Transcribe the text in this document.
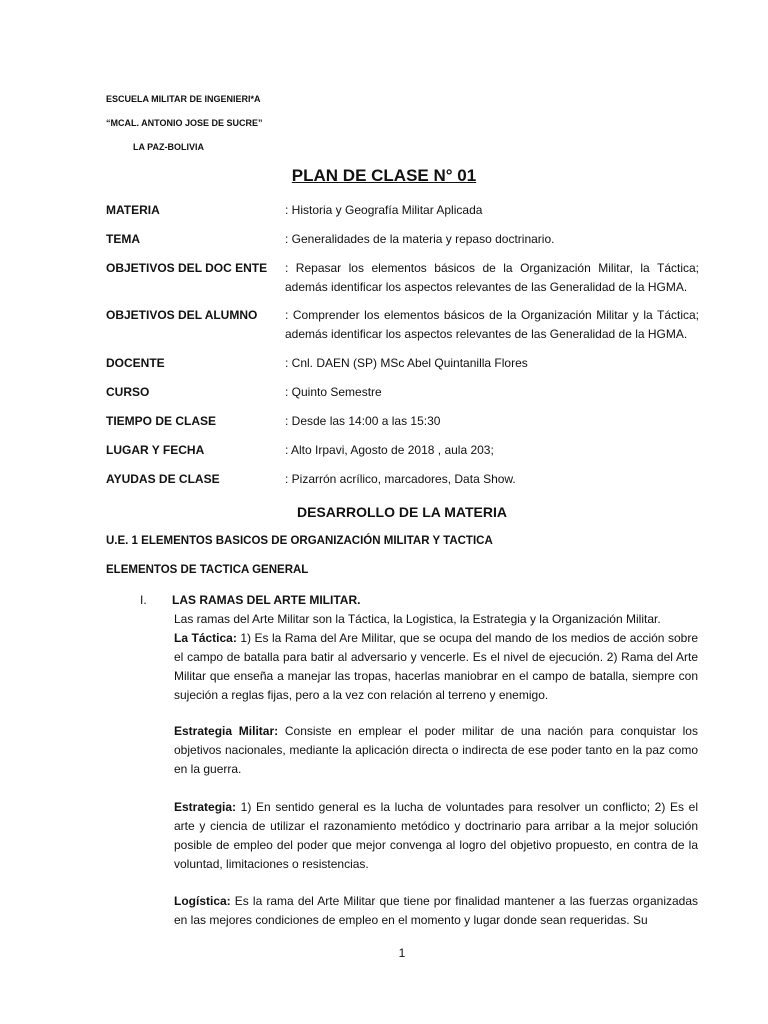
ESCUELA MILITAR DE INGENIERI*A
“MCAL. ANTONIO JOSE DE SUCRE”
LA PAZ-BOLIVIA
PLAN DE CLASE N° 01
MATERIA	: Historia y Geografía Militar Aplicada
TEMA	: Generalidades de la materia y repaso doctrinario.
OBJETIVOS DEL DOC ENTE : Repasar los elementos básicos de la Organización Militar, la Táctica; además identificar los aspectos relevantes de las Generalidad de la HGMA.
OBJETIVOS DEL ALUMNO : Comprender los elementos básicos de la Organización Militar y la Táctica; además identificar los aspectos relevantes de las Generalidad de la HGMA.
DOCENTE	: Cnl. DAEN (SP) MSc Abel Quintanilla Flores
CURSO	: Quinto Semestre
TIEMPO DE CLASE	: Desde las 14:00 a las 15:30
LUGAR Y FECHA	: Alto Irpavi, Agosto de 2018 , aula 203;
AYUDAS DE CLASE	: Pizarrón acrílico, marcadores, Data Show.
DESARROLLO DE LA MATERIA
U.E. 1 ELEMENTOS BASICOS DE ORGANIZACIÓN MILITAR Y TACTICA
ELEMENTOS DE TACTICA GENERAL
I. LAS RAMAS DEL ARTE MILITAR.
Las ramas del Arte Militar son la Táctica, la Logistica, la Estrategia y la Organización Militar.
La Táctica: 1) Es la Rama del Are Militar, que se ocupa del mando de los medios de acción sobre el campo de batalla para batir al adversario y vencerle. Es el nivel de ejecución. 2) Rama del Arte Militar que enseña a manejar las tropas, hacerlas maniobrar en el campo de batalla, siempre con sujeción a reglas fijas, pero a la vez con relación al terreno y enemigo.
Estrategia Militar: Consiste en emplear el poder militar de una nación para conquistar los objetivos nacionales, mediante la aplicación directa o indirecta de ese poder tanto en la paz como en la guerra.
Estrategia: 1) En sentido general es la lucha de voluntades para resolver un conflicto; 2) Es el arte y ciencia de utilizar el razonamiento metódico y doctrinario para arribar a la mejor solución posible de empleo del poder que mejor convenga al logro del objetivo propuesto, en contra de la voluntad, limitaciones o resistencias.
Logística: Es la rama del Arte Militar que tiene por finalidad mantener a las fuerzas organizadas en las mejores condiciones de empleo en el momento y lugar donde sean requeridas. Su
1
